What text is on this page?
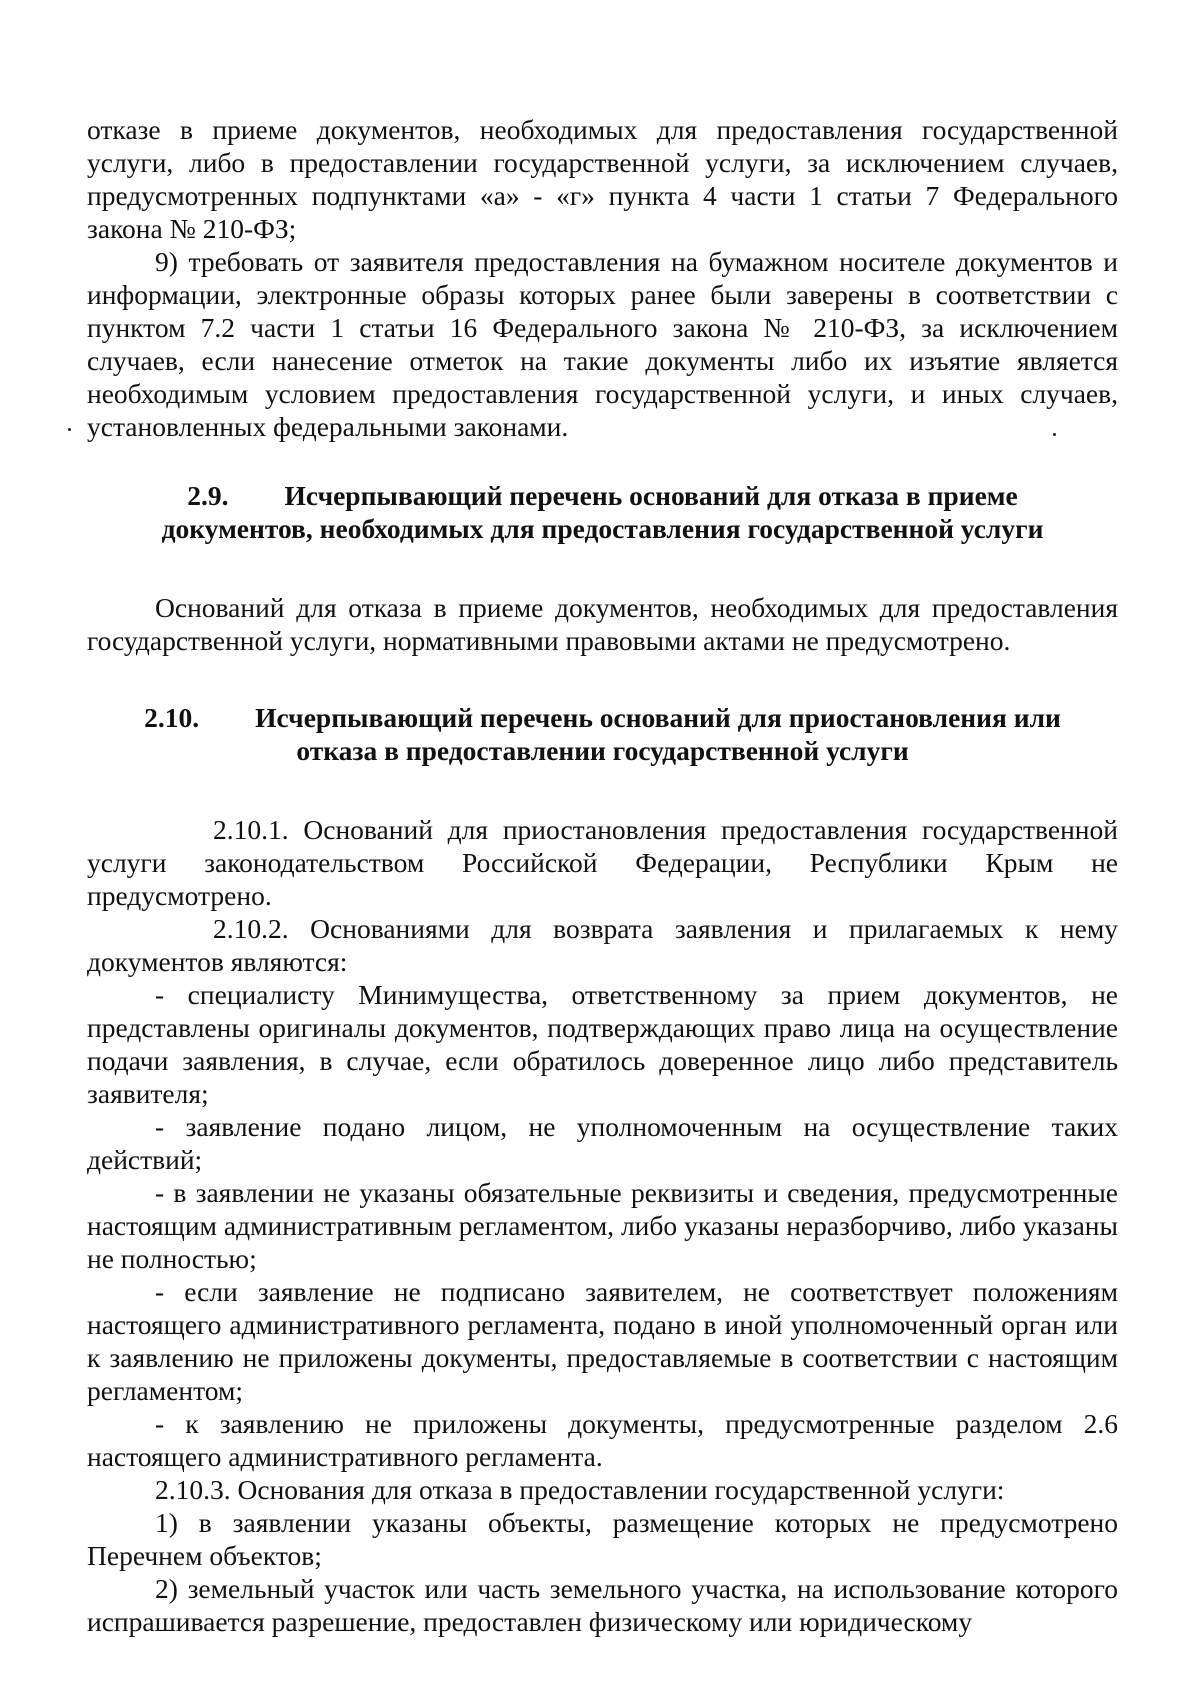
отказе в приеме документов, необходимых для предоставления государственной услуги, либо в предоставлении государственной услуги, за исключением случаев, предусмотренных подпунктами «а» - «г» пункта 4 части 1 статьи 7 Федерального закона № 210-ФЗ;

9) требовать от заявителя предоставления на бумажном носителе документов и информации, электронные образы которых ранее были заверены в соответствии с пунктом 7.2 части 1 статьи 16 Федерального закона № 210-ФЗ, за исключением случаев, если нанесение отметок на такие документы либо их изъятие является необходимым условием предоставления государственной услуги, и иных случаев, установленных федеральными законами.

2.9. Исчерпывающий перечень оснований для отказа в приеме

документов, необходимых для предоставления государственной услуги

Оснований для отказа в приеме документов, необходимых для предоставления государственной услуги, нормативными правовыми актами не предусмотрено.

2.10. Исчерпывающий перечень оснований для приостановления или

отказа в предоставлении государственной услуги

2.10.1. Оснований для приостановления предоставления государственной услуги законодательством Российской Федерации, Республики Крым не предусмотрено.

2.10.2. Основаниями для возврата заявления и прилагаемых к нему документов являются:

- специалисту Минимущества, ответственному за прием документов, не представлены оригиналы документов, подтверждающих право лица на осуществление подачи заявления, в случае, если обратилось доверенное лицо либо представитель заявителя;

- заявление подано лицом, не уполномоченным на осуществление таких действий;

- в заявлении не указаны обязательные реквизиты и сведения, предусмотренные настоящим административным регламентом, либо указаны неразборчиво, либо указаны не полностью;

- если заявление не подписано заявителем, не соответствует положениям настоящего административного регламента, подано в иной уполномоченный орган или к заявлению не приложены документы, предоставляемые в соответствии с настоящим регламентом;

- к заявлению не приложены документы, предусмотренные разделом 2.6 настоящего административного регламента.

2.10.3. Основания для отказа в предоставлении государственной услуги:

1) в заявлении указаны объекты, размещение которых не предусмотрено Перечнем объектов;

2) земельный участок или часть земельного участка, на использование которого испрашивается разрешение, предоставлен физическому или юридическому
